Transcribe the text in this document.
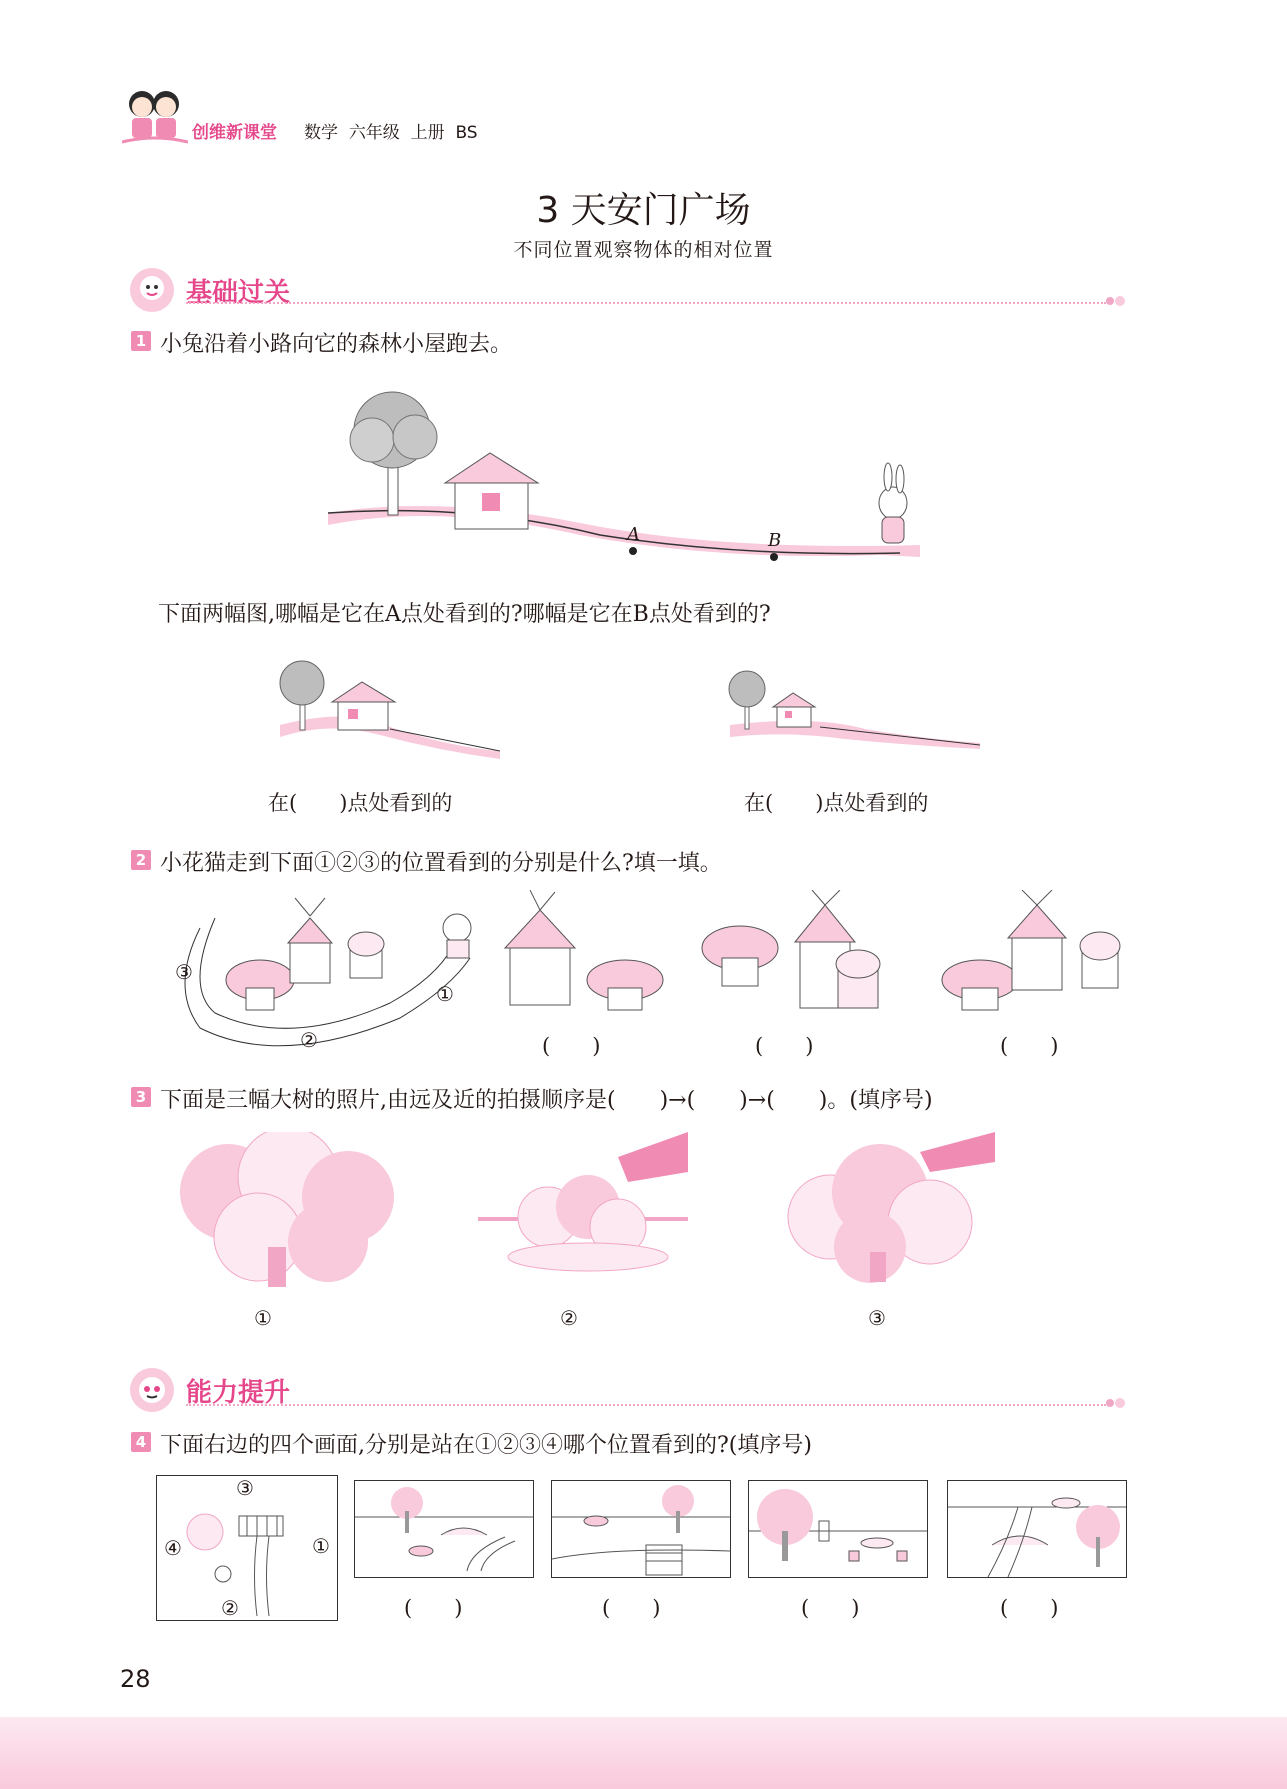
创维新课堂 数学 六年级 上册 BS
3 天安门广场
不同位置观察物体的相对位置
基础过关
1 小兔沿着小路向它的森林小屋跑去。
A	B
下面两幅图,哪幅是它在A点处看到的?哪幅是它在B点处看到的?
在(　　)点处看到的	在(　　)点处看到的
2 小花猫走到下面①②③的位置看到的分别是什么?填一填。
①
②
③
(　　)	(　　)	(　　)
3 下面是三幅大树的照片,由远及近的拍摄顺序是(　　)→(　　)→(　　)。(填序号)
①	②	③
能力提升
4 下面右边的四个画面,分别是站在①②③④哪个位置看到的?(填序号)
①
②
③
④
(　　)	(　　)	(　　)	(　　)
28
